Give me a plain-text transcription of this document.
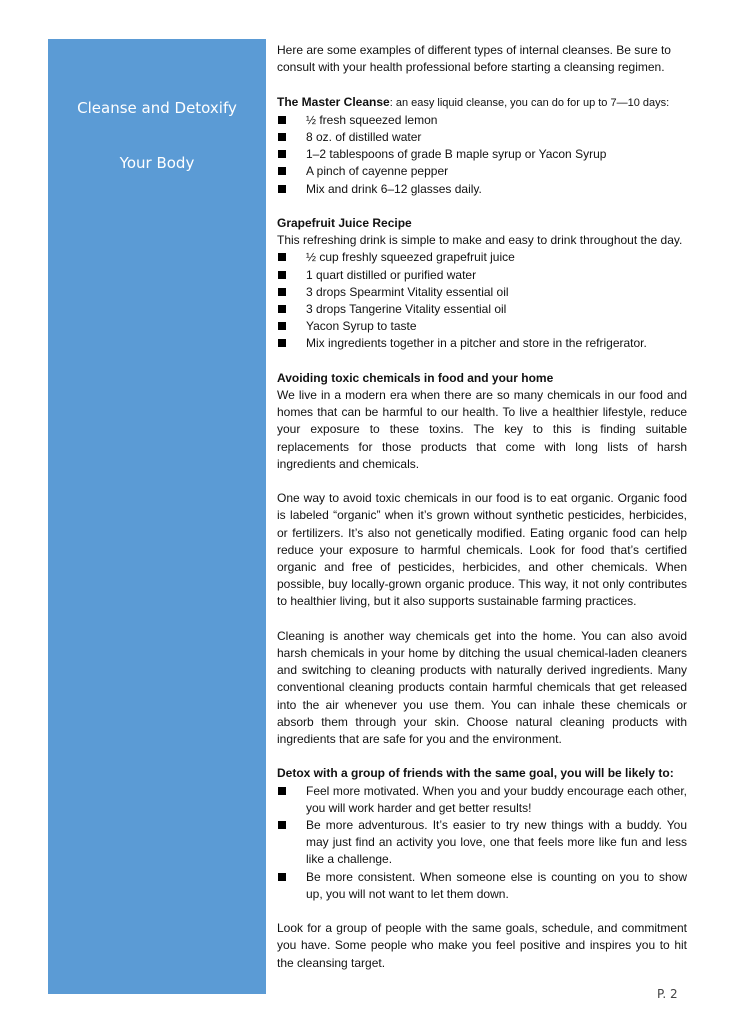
Cleanse and Detoxify
Your Body

Here are some examples of different types of internal cleanses. Be sure to consult with your health professional before starting a cleansing regimen.

The Master Cleanse: an easy liquid cleanse, you can do for up to 7—10 days:

½ fresh squeezed lemon
8 oz. of distilled water
1–2 tablespoons of grade B maple syrup or Yacon Syrup
A pinch of cayenne pepper
Mix and drink 6–12 glasses daily.

Grapefruit Juice Recipe

This refreshing drink is simple to make and easy to drink throughout the day.

½ cup freshly squeezed grapefruit juice
1 quart distilled or purified water
3 drops Spearmint Vitality essential oil
3 drops Tangerine Vitality essential oil
Yacon Syrup to taste
Mix ingredients together in a pitcher and store in the refrigerator.

Avoiding toxic chemicals in food and your home

We live in a modern era when there are so many chemicals in our food and homes that can be harmful to our health. To live a healthier lifestyle, reduce your exposure to these toxins. The key to this is finding suitable replacements for those products that come with long lists of harsh ingredients and chemicals.

One way to avoid toxic chemicals in our food is to eat organic. Organic food is labeled “organic” when it’s grown without synthetic pesticides, herbicides, or fertilizers. It’s also not genetically modified. Eating organic food can help reduce your exposure to harmful chemicals. Look for food that’s certified organic and free of pesticides, herbicides, and other chemicals. When possible, buy locally-grown organic produce. This way, it not only contributes to healthier living, but it also supports sustainable farming practices.

Cleaning is another way chemicals get into the home. You can also avoid harsh chemicals in your home by ditching the usual chemical-laden cleaners and switching to cleaning products with naturally derived ingredients. Many conventional cleaning products contain harmful chemicals that get released into the air whenever you use them. You can inhale these chemicals or absorb them through your skin. Choose natural cleaning products with ingredients that are safe for you and the environment.

Detox with a group of friends with the same goal, you will be likely to:

Feel more motivated. When you and your buddy encourage each other, you will work harder and get better results!
Be more adventurous. It’s easier to try new things with a buddy. You may just find an activity you love, one that feels more like fun and less like a challenge.
Be more consistent. When someone else is counting on you to show up, you will not want to let them down.

Look for a group of people with the same goals, schedule, and commitment you have. Some people who make you feel positive and inspires you to hit the cleansing target.

P. 2
